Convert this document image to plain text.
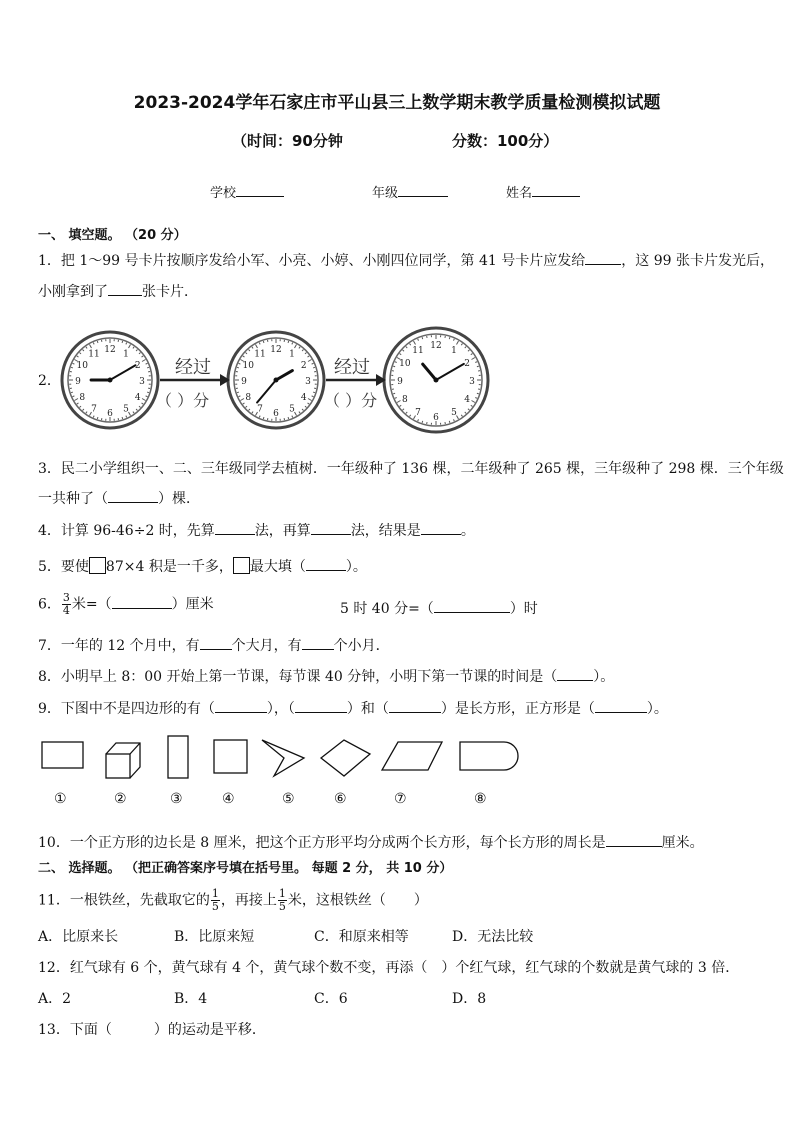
2023-2024学年石家庄市平山县三上数学期末教学质量检测模拟试题
（时间：90分钟	分数：100分）
学校	年级	姓名
一、 填空题。 （20 分）
1．把 1～99 号卡片按顺序发给小军、小亮、小婷、小刚四位同学，第 41 号卡片应发给	，这 99 张卡片发光后，
小刚拿到了 张卡片．
2．
12 1
2
3
4
5
6
7
8
9
10
11	12 1
2
3
4
5
6
7
8
9
10
11
12 1
2
3
4
5
6
7
8
9
10
11
经过
（ ）分
经过
（ ）分
3．民二小学组织一、二、三年级同学去植树．一年级种了 136 棵，二年级种了 265 棵，三年级种了 298 棵．三个年级
一共种了（	）棵．
4．计算 96-46÷2 时，先算	法，再算	法，结果是	。
5．要使 87×4 积是一千多， 最大填（	）。
6． $\frac{3}{4}$ 米=（	）厘米	5 时 40 分=（	）时
7．一年的 12 个月中，有 个大月，有 个小月．
8．小明早上 8：00 开始上第一节课，每节课 40 分钟，小明下第一节课的时间是（	）。
9．下图中不是四边形的有（	），（	）和（	）是长方形，正方形是（	）。
①	②	③	④	⑤	⑥	⑦	⑧
10．一个正方形的边长是 8 厘米，把这个正方形平均分成两个长方形，每个长方形的周长是	厘米。
二、 选择题。 （把正确答案序号填在括号里。 每题 2 分， 共 10 分）
11．一根铁丝，先截取它的 $\frac{1}{5}$ ，再接上 $\frac{1}{5}$ 米，这根铁丝（　　）
A．比原来长	B．比原来短	C．和原来相等	D．无法比较
12．红气球有 6 个，黄气球有 4 个，黄气球个数不变，再添（　）个红气球，红气球的个数就是黄气球的 3 倍．
A．2	B．4	C．6	D．8
13．下面（　　　）的运动是平移．
